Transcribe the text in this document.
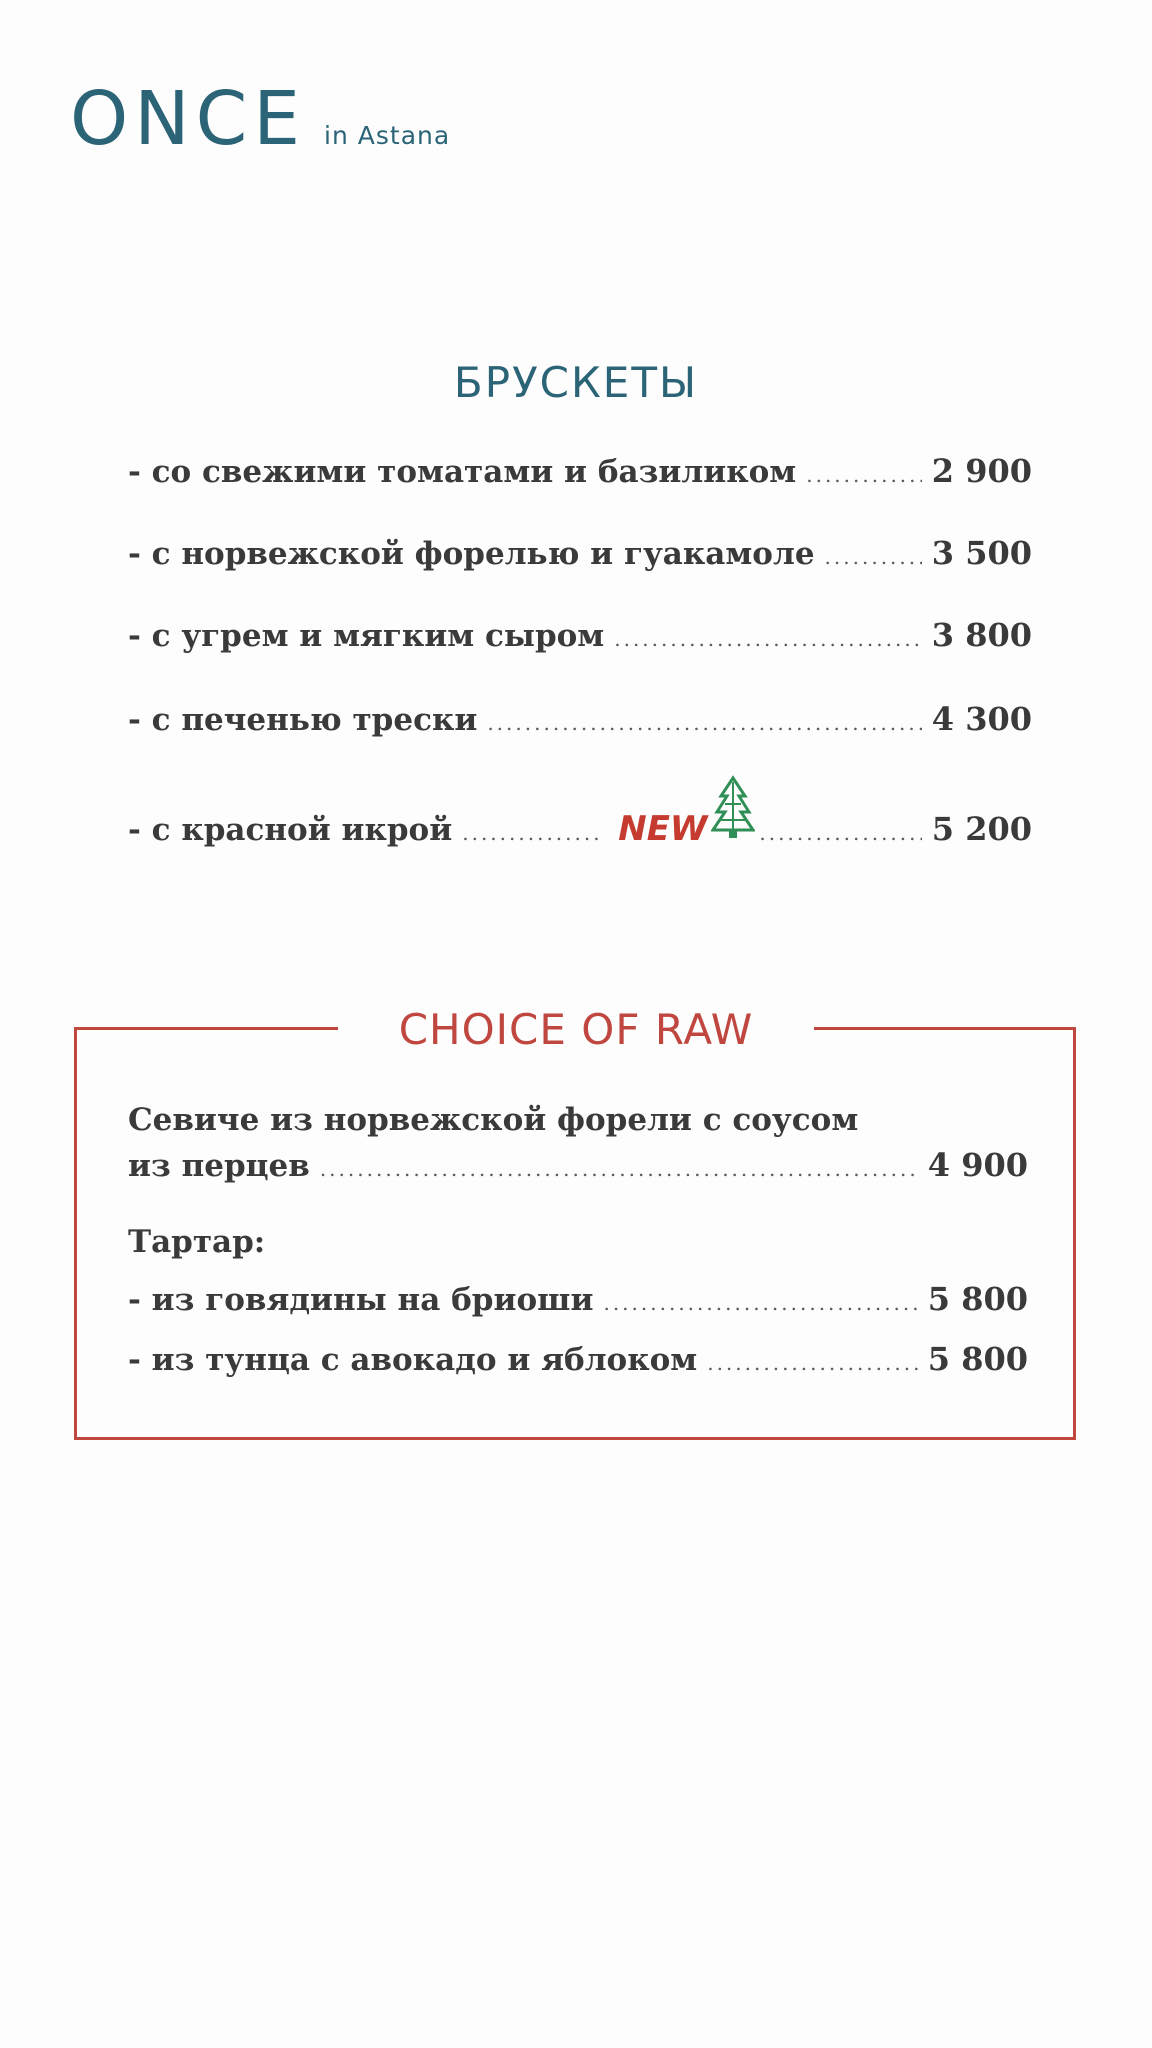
ONCE in Astana
БРУСКЕТЫ
- со свежими томатами и базиликом .....	2 900
- с норвежской форелью и гуакамоле .....	3 500
- с угрем и мягким сыром .....	3 800
- с печенью трески .....	4 300
- с красной икрой .....	NEW .....	5 200
CHOICE OF RAW
Севиче из норвежской форели с соусом
из перцев .....	4 900
Тартар:
- из говядины на бриоши .....	5 800
- из тунца с авокадо и яблоком .....	5 800
